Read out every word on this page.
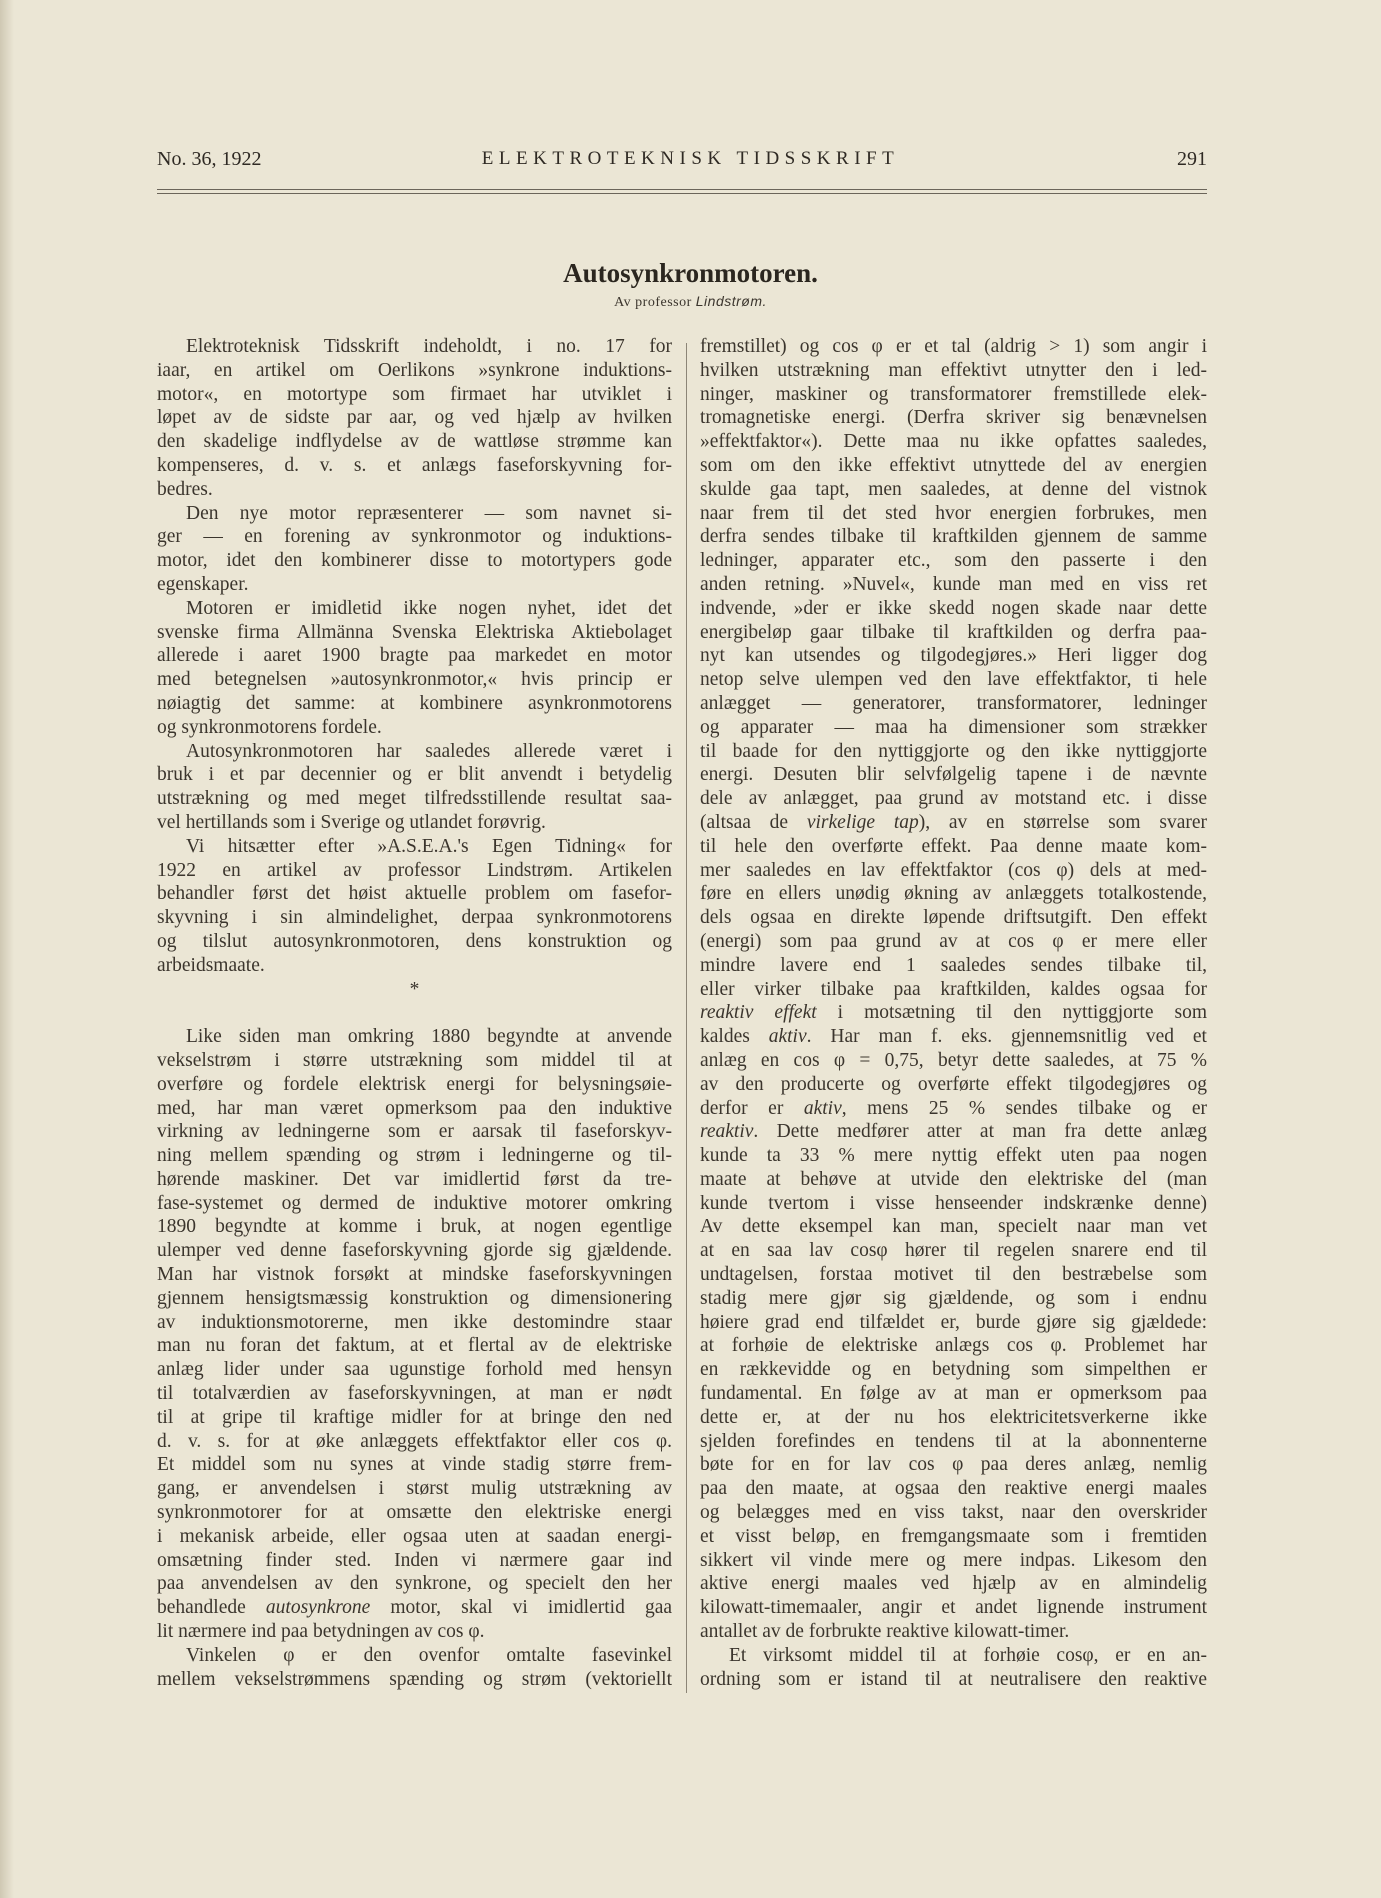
No. 36, 1922	ELEKTROTEKNISK TIDSSKRIFT	291
Autosynkronmotoren.
Av professor Lindstrøm.
Elektroteknisk Tidsskrift indeholdt, i no. 17 for
iaar, en artikel om Oerlikons »synkrone induktions-
motor«, en motortype som firmaet har utviklet i
løpet av de sidste par aar, og ved hjælp av hvilken
den skadelige indflydelse av de wattløse strømme kan
kompenseres, d. v. s. et anlægs faseforskyvning for-
bedres.
Den nye motor repræsenterer — som navnet si-
ger — en forening av synkronmotor og induktions-
motor, idet den kombinerer disse to motortypers gode
egenskaper.
Motoren er imidletid ikke nogen nyhet, idet det
svenske firma Allmänna Svenska Elektriska Aktiebolaget
allerede i aaret 1900 bragte paa markedet en motor
med betegnelsen »autosynkronmotor,« hvis princip er
nøiagtig det samme: at kombinere asynkronmotorens
og synkronmotorens fordele.
Autosynkronmotoren har saaledes allerede været i
bruk i et par decennier og er blit anvendt i betydelig
utstrækning og med meget tilfredsstillende resultat saa-
vel hertillands som i Sverige og utlandet forøvrig.
Vi hitsætter efter »A.S.E.A.'s Egen Tidning« for
1922 en artikel av professor Lindstrøm. Artikelen
behandler først det høist aktuelle problem om fasefor-
skyvning i sin almindelighet, derpaa synkronmotorens
og tilslut autosynkronmotoren, dens konstruktion og
arbeidsmaate.
*
Like siden man omkring 1880 begyndte at anvende
vekselstrøm i større utstrækning som middel til at
overføre og fordele elektrisk energi for belysningsøie-
med, har man været opmerksom paa den induktive
virkning av ledningerne som er aarsak til faseforskyv-
ning mellem spænding og strøm i ledningerne og til-
hørende maskiner. Det var imidlertid først da tre-
fase-systemet og dermed de induktive motorer omkring
1890 begyndte at komme i bruk, at nogen egentlige
ulemper ved denne faseforskyvning gjorde sig gjældende.
Man har vistnok forsøkt at mindske faseforskyvningen
gjennem hensigtsmæssig konstruktion og dimensionering
av induktionsmotorerne, men ikke destomindre staar
man nu foran det faktum, at et flertal av de elektriske
anlæg lider under saa ugunstige forhold med hensyn
til totalværdien av faseforskyvningen, at man er nødt
til at gripe til kraftige midler for at bringe den ned
d. v. s. for at øke anlæggets effektfaktor eller cos φ.
Et middel som nu synes at vinde stadig større frem-
gang, er anvendelsen i størst mulig utstrækning av
synkronmotorer for at omsætte den elektriske energi
i mekanisk arbeide, eller ogsaa uten at saadan energi-
omsætning finder sted. Inden vi nærmere gaar ind
paa anvendelsen av den synkrone, og specielt den her
behandlede autosynkrone motor, skal vi imidlertid gaa
lit nærmere ind paa betydningen av cos φ.
Vinkelen φ er den ovenfor omtalte fasevinkel
mellem vekselstrømmens spænding og strøm (vektoriellt
fremstillet) og cos φ er et tal (aldrig > 1) som angir i
hvilken utstrækning man effektivt utnytter den i led-
ninger, maskiner og transformatorer fremstillede elek-
tromagnetiske energi. (Derfra skriver sig benævnelsen
»effektfaktor«). Dette maa nu ikke opfattes saaledes,
som om den ikke effektivt utnyttede del av energien
skulde gaa tapt, men saaledes, at denne del vistnok
naar frem til det sted hvor energien forbrukes, men
derfra sendes tilbake til kraftkilden gjennem de samme
ledninger, apparater etc., som den passerte i den
anden retning. »Nuvel«, kunde man med en viss ret
indvende, »der er ikke skedd nogen skade naar dette
energibeløp gaar tilbake til kraftkilden og derfra paa-
nyt kan utsendes og tilgodegjøres.» Heri ligger dog
netop selve ulempen ved den lave effektfaktor, ti hele
anlægget — generatorer, transformatorer, ledninger
og apparater — maa ha dimensioner som strækker
til baade for den nyttiggjorte og den ikke nyttiggjorte
energi. Desuten blir selvfølgelig tapene i de nævnte
dele av anlægget, paa grund av motstand etc. i disse
(altsaa de virkelige tap), av en størrelse som svarer
til hele den overførte effekt. Paa denne maate kom-
mer saaledes en lav effektfaktor (cos φ) dels at med-
føre en ellers unødig økning av anlæggets totalkostende,
dels ogsaa en direkte løpende driftsutgift. Den effekt
(energi) som paa grund av at cos φ er mere eller
mindre lavere end 1 saaledes sendes tilbake til,
eller virker tilbake paa kraftkilden, kaldes ogsaa for
reaktiv effekt i motsætning til den nyttiggjorte som
kaldes aktiv. Har man f. eks. gjennemsnitlig ved et
anlæg en cos φ = 0,75, betyr dette saaledes, at 75 %
av den producerte og overførte effekt tilgodegjøres og
derfor er aktiv, mens 25 % sendes tilbake og er
reaktiv. Dette medfører atter at man fra dette anlæg
kunde ta 33 % mere nyttig effekt uten paa nogen
maate at behøve at utvide den elektriske del (man
kunde tvertom i visse henseender indskrænke denne)
Av dette eksempel kan man, specielt naar man vet
at en saa lav cosφ hører til regelen snarere end til
undtagelsen, forstaa motivet til den bestræbelse som
stadig mere gjør sig gjældende, og som i endnu
høiere grad end tilfældet er, burde gjøre sig gjældede:
at forhøie de elektriske anlægs cos φ. Problemet har
en rækkevidde og en betydning som simpelthen er
fundamental. En følge av at man er opmerksom paa
dette er, at der nu hos elektricitetsverkerne ikke
sjelden forefindes en tendens til at la abonnenterne
bøte for en for lav cos φ paa deres anlæg, nemlig
paa den maate, at ogsaa den reaktive energi maales
og belægges med en viss takst, naar den overskrider
et visst beløp, en fremgangsmaate som i fremtiden
sikkert vil vinde mere og mere indpas. Likesom den
aktive energi maales ved hjælp av en almindelig
kilowatt-timemaaler, angir et andet lignende instrument
antallet av de forbrukte reaktive kilowatt-timer.
Et virksomt middel til at forhøie cosφ, er en an-
ordning som er istand til at neutralisere den reaktive
